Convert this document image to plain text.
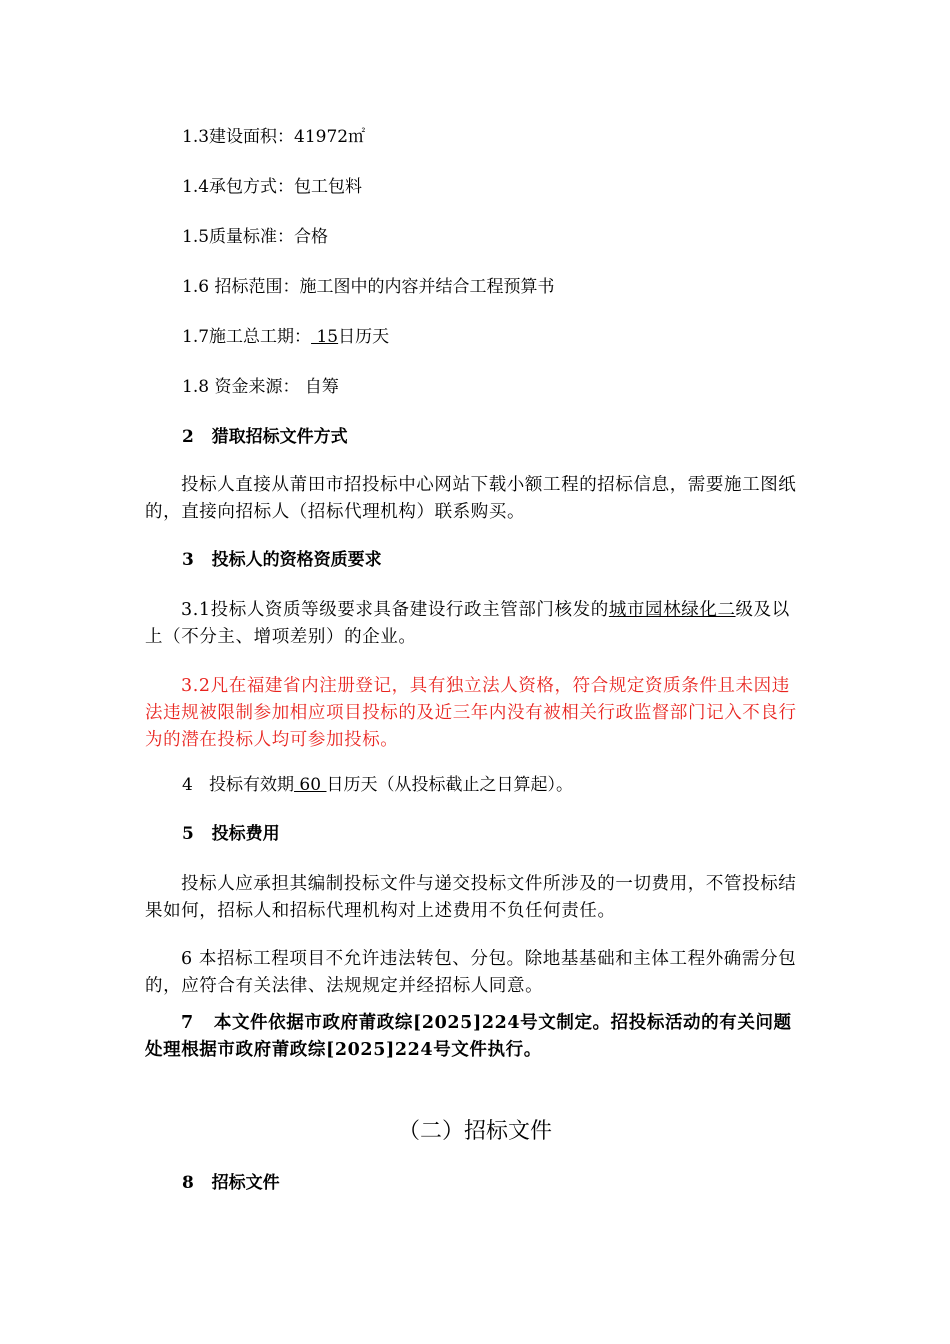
1.3建设面积：41972㎡
1.4承包方式：包工包料
1.5质量标准：合格
1.6 招标范围：施工图中的内容并结合工程预算书
1.7施工总工期： 15日历天
1.8 资金来源： 自筹
2   猎取招标文件方式
投标人直接从莆田市招投标中心网站下载小额工程的招标信息，需要施工图纸的，直接向招标人（招标代理机构）联系购买。
3   投标人的资格资质要求
3.1投标人资质等级要求具备建设行政主管部门核发的城市园林绿化二级及以上（不分主、增项差别）的企业。
3.2凡在福建省内注册登记，具有独立法人资格，符合规定资质条件且未因违法违规被限制参加相应项目投标的及近三年内没有被相关行政监督部门记入不良行为的潜在投标人均可参加投标。
4   投标有效期 60 日历天（从投标截止之日算起）。
5   投标费用
投标人应承担其编制投标文件与递交投标文件所涉及的一切费用，不管投标结果如何，招标人和招标代理机构对上述费用不负任何责任。
6 本招标工程项目不允许违法转包、分包。除地基基础和主体工程外确需分包的，应符合有关法律、法规规定并经招标人同意。
7   本文件依据市政府莆政综[2025]224号文制定。招投标活动的有关问题处理根据市政府莆政综[2025]224号文件执行。
（二）招标文件
8   招标文件
